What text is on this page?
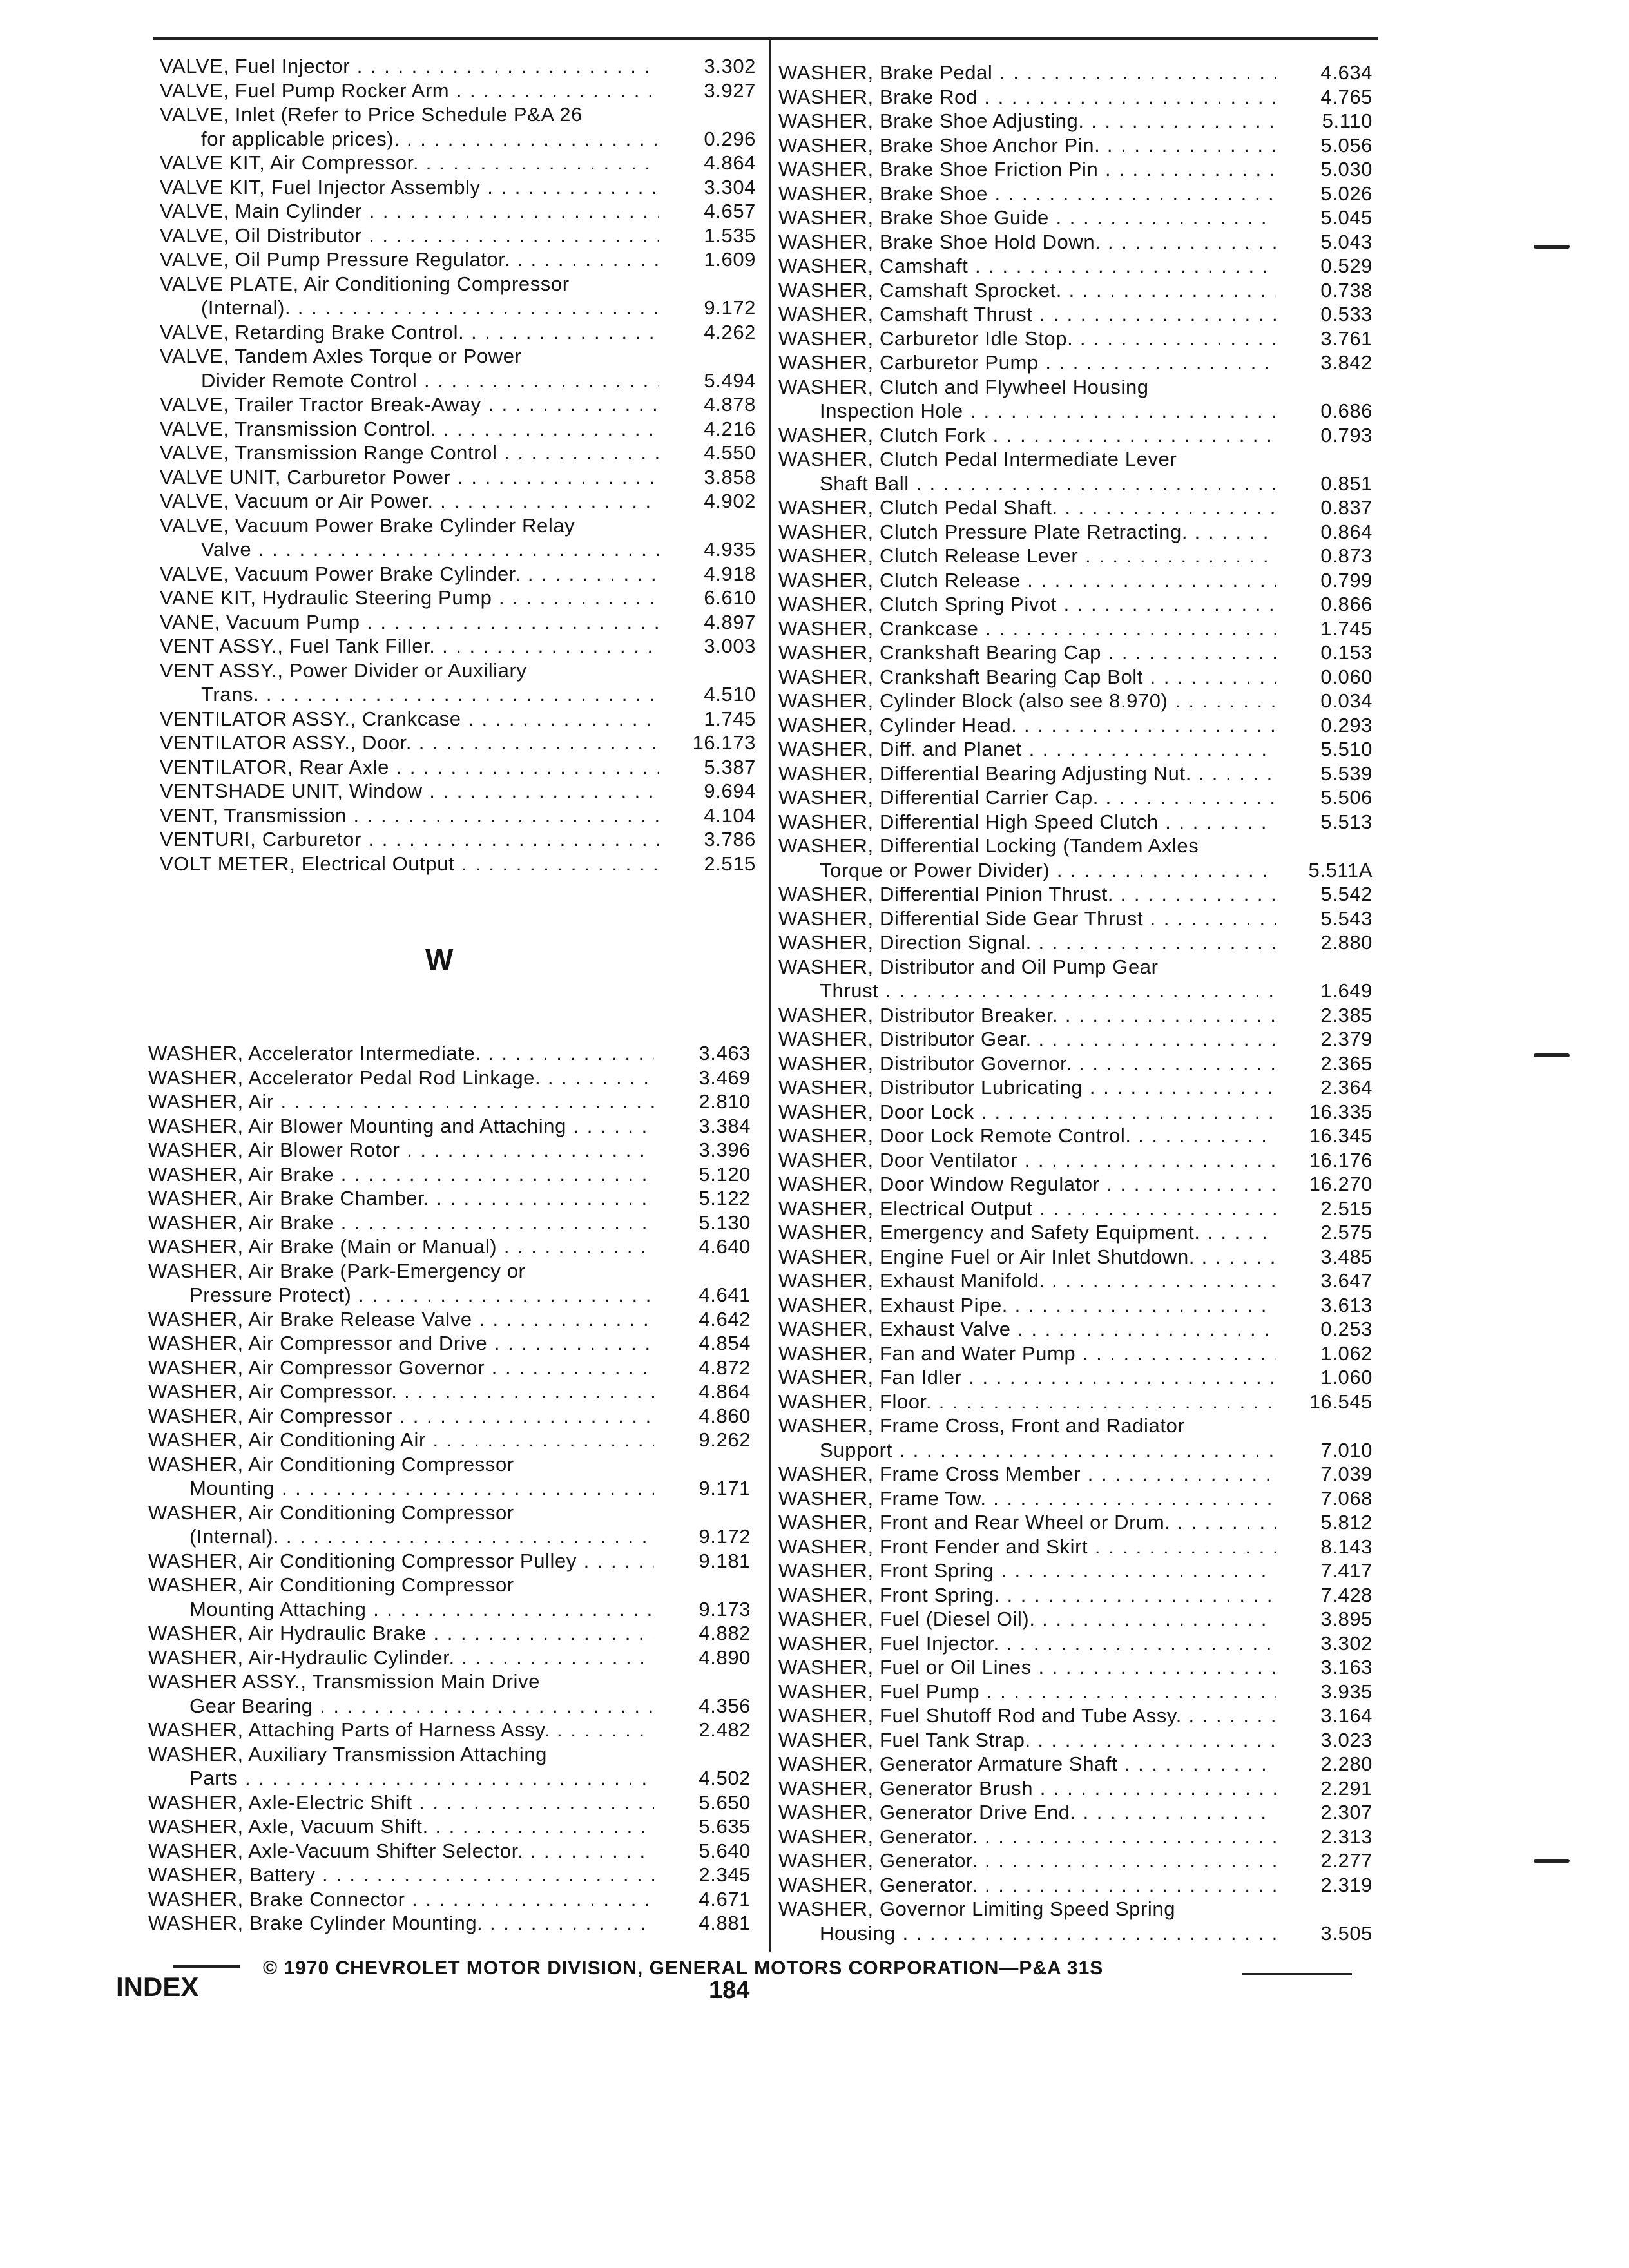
VALVE, Fuel Injector . . .	3.302
VALVE, Fuel Pump Rocker Arm . . .	3.927
VALVE, Inlet (Refer to Price Schedule P&A 26
for applicable prices). . . .	0.296
VALVE KIT, Air Compressor. . . .	4.864
VALVE KIT, Fuel Injector Assembly . . .	3.304
VALVE, Main Cylinder . . .	4.657
VALVE, Oil Distributor . . .	1.535
VALVE, Oil Pump Pressure Regulator. . . .	1.609
VALVE PLATE, Air Conditioning Compressor
(Internal). . . .	9.172
VALVE, Retarding Brake Control. . . .	4.262
VALVE, Tandem Axles Torque or Power
Divider Remote Control . . .	5.494
VALVE, Trailer Tractor Break-Away . . .	4.878
VALVE, Transmission Control. . . .	4.216
VALVE, Transmission Range Control . . .	4.550
VALVE UNIT, Carburetor Power . . .	3.858
VALVE, Vacuum or Air Power. . . .	4.902
VALVE, Vacuum Power Brake Cylinder Relay
Valve . . .	4.935
VALVE, Vacuum Power Brake Cylinder. . . .	4.918
VANE KIT, Hydraulic Steering Pump . . .	6.610
VANE, Vacuum Pump . . .	4.897
VENT ASSY., Fuel Tank Filler. . . .	3.003
VENT ASSY., Power Divider or Auxiliary
Trans. . . .	4.510
VENTILATOR ASSY., Crankcase . . .	1.745
VENTILATOR ASSY., Door. . . .	16.173
VENTILATOR, Rear Axle . . .	5.387
VENTSHADE UNIT, Window . . .	9.694
VENT, Transmission . . .	4.104
VENTURI, Carburetor . . .	3.786
VOLT METER, Electrical Output . . .	2.515
W
WASHER, Accelerator Intermediate. . . .	3.463
WASHER, Accelerator Pedal Rod Linkage. . . .	3.469
WASHER, Air . . .	2.810
WASHER, Air Blower Mounting and Attaching . . .	3.384
WASHER, Air Blower Rotor . . .	3.396
WASHER, Air Brake . . .	5.120
WASHER, Air Brake Chamber. . . .	5.122
WASHER, Air Brake . . .	5.130
WASHER, Air Brake (Main or Manual) . . .	4.640
WASHER, Air Brake (Park-Emergency or
Pressure Protect) . . .	4.641
WASHER, Air Brake Release Valve . . .	4.642
WASHER, Air Compressor and Drive . . .	4.854
WASHER, Air Compressor Governor . . .	4.872
WASHER, Air Compressor. . . .	4.864
WASHER, Air Compressor . . .	4.860
WASHER, Air Conditioning Air . . .	9.262
WASHER, Air Conditioning Compressor
Mounting . . .	9.171
WASHER, Air Conditioning Compressor
(Internal). . . .	9.172
WASHER, Air Conditioning Compressor Pulley . . .	9.181
WASHER, Air Conditioning Compressor
Mounting Attaching . . .	9.173
WASHER, Air Hydraulic Brake . . .	4.882
WASHER, Air-Hydraulic Cylinder. . . .	4.890
WASHER ASSY., Transmission Main Drive
Gear Bearing . . .	4.356
WASHER, Attaching Parts of Harness Assy. . . .	2.482
WASHER, Auxiliary Transmission Attaching
Parts . . .	4.502
WASHER, Axle-Electric Shift . . .	5.650
WASHER, Axle, Vacuum Shift. . . .	5.635
WASHER, Axle-Vacuum Shifter Selector. . . .	5.640
WASHER, Battery . . .	2.345
WASHER, Brake Connector . . .	4.671
WASHER, Brake Cylinder Mounting. . . .	4.881
WASHER, Brake Pedal . . .	4.634
WASHER, Brake Rod . . .	4.765
WASHER, Brake Shoe Adjusting. . . .	5.110
WASHER, Brake Shoe Anchor Pin. . . .	5.056
WASHER, Brake Shoe Friction Pin . . .	5.030
WASHER, Brake Shoe . . .	5.026
WASHER, Brake Shoe Guide . . .	5.045
WASHER, Brake Shoe Hold Down. . . .	5.043
WASHER, Camshaft . . .	0.529
WASHER, Camshaft Sprocket. . . .	0.738
WASHER, Camshaft Thrust . . .	0.533
WASHER, Carburetor Idle Stop. . . .	3.761
WASHER, Carburetor Pump . . .	3.842
WASHER, Clutch and Flywheel Housing
Inspection Hole . . .	0.686
WASHER, Clutch Fork . . .	0.793
WASHER, Clutch Pedal Intermediate Lever
Shaft Ball . . .	0.851
WASHER, Clutch Pedal Shaft. . . .	0.837
WASHER, Clutch Pressure Plate Retracting. . . .	0.864
WASHER, Clutch Release Lever . . .	0.873
WASHER, Clutch Release . . .	0.799
WASHER, Clutch Spring Pivot . . .	0.866
WASHER, Crankcase . . .	1.745
WASHER, Crankshaft Bearing Cap . . .	0.153
WASHER, Crankshaft Bearing Cap Bolt . . .	0.060
WASHER, Cylinder Block (also see 8.970) . . .	0.034
WASHER, Cylinder Head. . . .	0.293
WASHER, Diff. and Planet . . .	5.510
WASHER, Differential Bearing Adjusting Nut. . . .	5.539
WASHER, Differential Carrier Cap. . . .	5.506
WASHER, Differential High Speed Clutch . . .	5.513
WASHER, Differential Locking (Tandem Axles
Torque or Power Divider) . . .	5.511A
WASHER, Differential Pinion Thrust. . . .	5.542
WASHER, Differential Side Gear Thrust . . .	5.543
WASHER, Direction Signal. . . .	2.880
WASHER, Distributor and Oil Pump Gear
Thrust . . .	1.649
WASHER, Distributor Breaker. . . .	2.385
WASHER, Distributor Gear. . . .	2.379
WASHER, Distributor Governor. . . .	2.365
WASHER, Distributor Lubricating . . .	2.364
WASHER, Door Lock . . .	16.335
WASHER, Door Lock Remote Control. . . .	16.345
WASHER, Door Ventilator . . .	16.176
WASHER, Door Window Regulator . . .	16.270
WASHER, Electrical Output . . .	2.515
WASHER, Emergency and Safety Equipment. . . .	2.575
WASHER, Engine Fuel or Air Inlet Shutdown. . . .	3.485
WASHER, Exhaust Manifold. . . .	3.647
WASHER, Exhaust Pipe. . . .	3.613
WASHER, Exhaust Valve . . .	0.253
WASHER, Fan and Water Pump . . .	1.062
WASHER, Fan Idler . . .	1.060
WASHER, Floor. . . .	16.545
WASHER, Frame Cross, Front and Radiator
Support . . .	7.010
WASHER, Frame Cross Member . . .	7.039
WASHER, Frame Tow. . . .	7.068
WASHER, Front and Rear Wheel or Drum. . . .	5.812
WASHER, Front Fender and Skirt . . .	8.143
WASHER, Front Spring . . .	7.417
WASHER, Front Spring. . . .	7.428
WASHER, Fuel (Diesel Oil). . . .	3.895
WASHER, Fuel Injector. . . .	3.302
WASHER, Fuel or Oil Lines . . .	3.163
WASHER, Fuel Pump . . .	3.935
WASHER, Fuel Shutoff Rod and Tube Assy. . . .	3.164
WASHER, Fuel Tank Strap. . . .	3.023
WASHER, Generator Armature Shaft . . .	2.280
WASHER, Generator Brush . . .	2.291
WASHER, Generator Drive End. . . .	2.307
WASHER, Generator. . . .	2.313
WASHER, Generator. . . .	2.277
WASHER, Generator. . . .	2.319
WASHER, Governor Limiting Speed Spring
Housing . . .	3.505
INDEX
© 1970 CHEVROLET MOTOR DIVISION, GENERAL MOTORS CORPORATION—P&A 31S
184
